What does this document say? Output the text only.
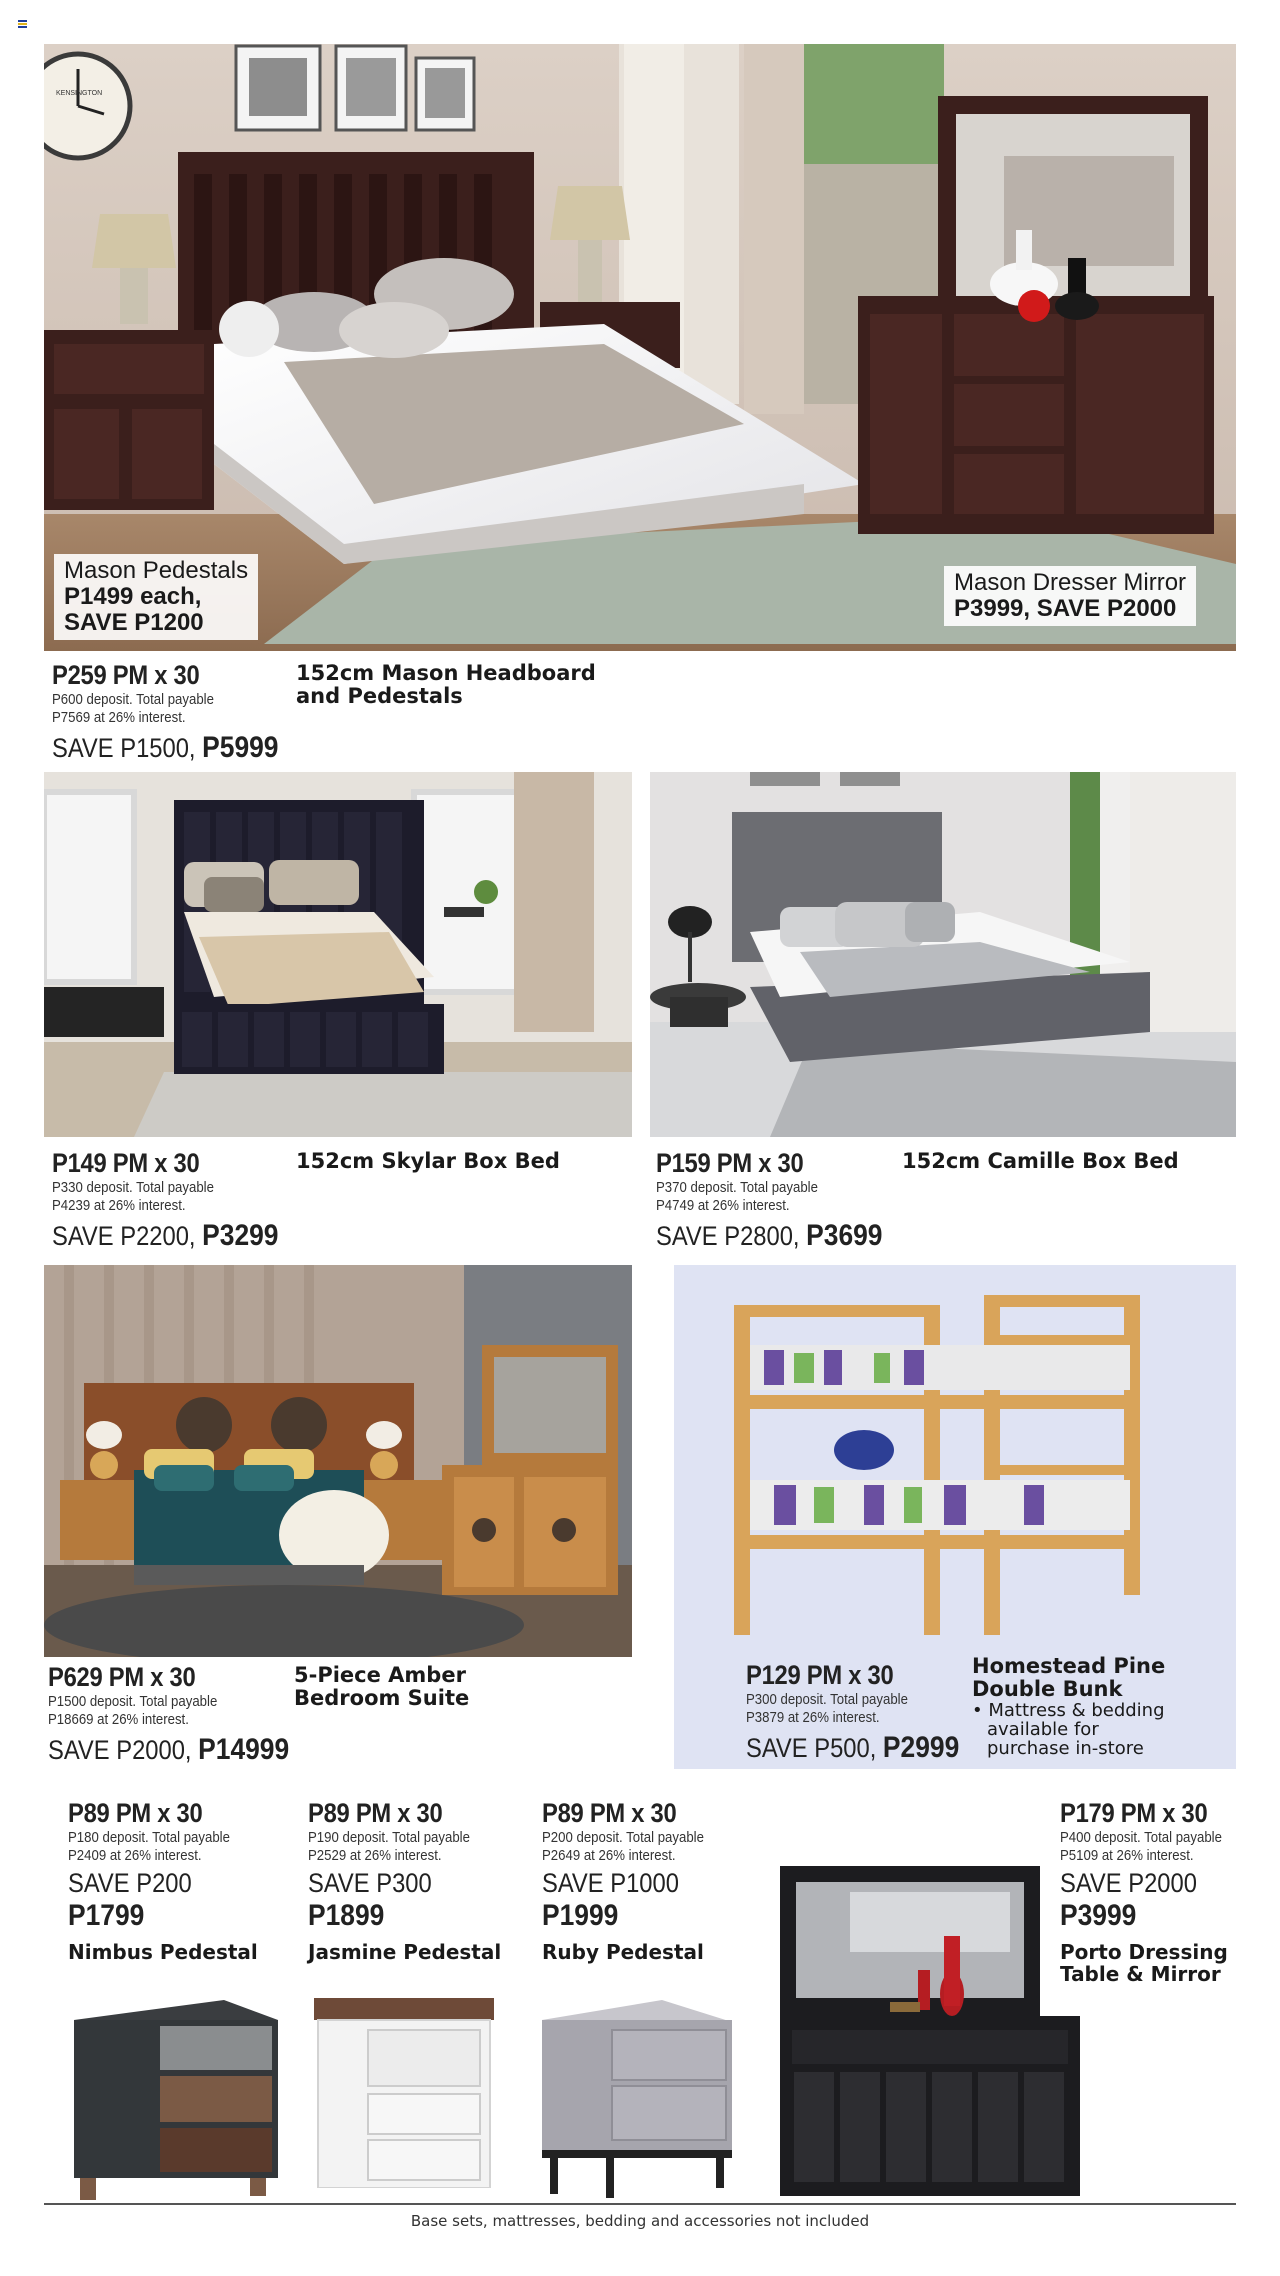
Mason Pedestals
P1499 each,
SAVE P1200
Mason Dresser Mirror
P3999, SAVE P2000
KENSINGTON
P259 PM x 30
P600 deposit. Total payable
P7569 at 26% interest.
SAVE P1500, P5999
152cm Mason Headboard
and Pedestals
P149 PM x 30
P330 deposit. Total payable
P4239 at 26% interest.
SAVE P2200, P3299
152cm Skylar Box Bed	P159 PM x 30
P370 deposit. Total payable
P4749 at 26% interest.
SAVE P2800, P3699
152cm Camille Box Bed
P629 PM x 30
P1500 deposit. Total payable
P18669 at 26% interest.
SAVE P2000, P14999
5-Piece Amber
Bedroom Suite
P129 PM x 30
P300 deposit. Total payable
P3879 at 26% interest.
SAVE P500, P2999
Homestead Pine
Double Bunk
• Mattress & bedding
available for
purchase in-store
P89 PM x 30
P180 deposit. Total payable
P2409 at 26% interest.
SAVE P200
P1799
Nimbus Pedestal
P89 PM x 30
P190 deposit. Total payable
P2529 at 26% interest.
SAVE P300
P1899
Jasmine Pedestal
P89 PM x 30
P200 deposit. Total payable
P2649 at 26% interest.
SAVE P1000
P1999
Ruby Pedestal
P179 PM x 30
P400 deposit. Total payable
P5109 at 26% interest.
SAVE P2000
P3999
Porto Dressing
Table & Mirror
Base sets, mattresses, bedding and accessories not included
